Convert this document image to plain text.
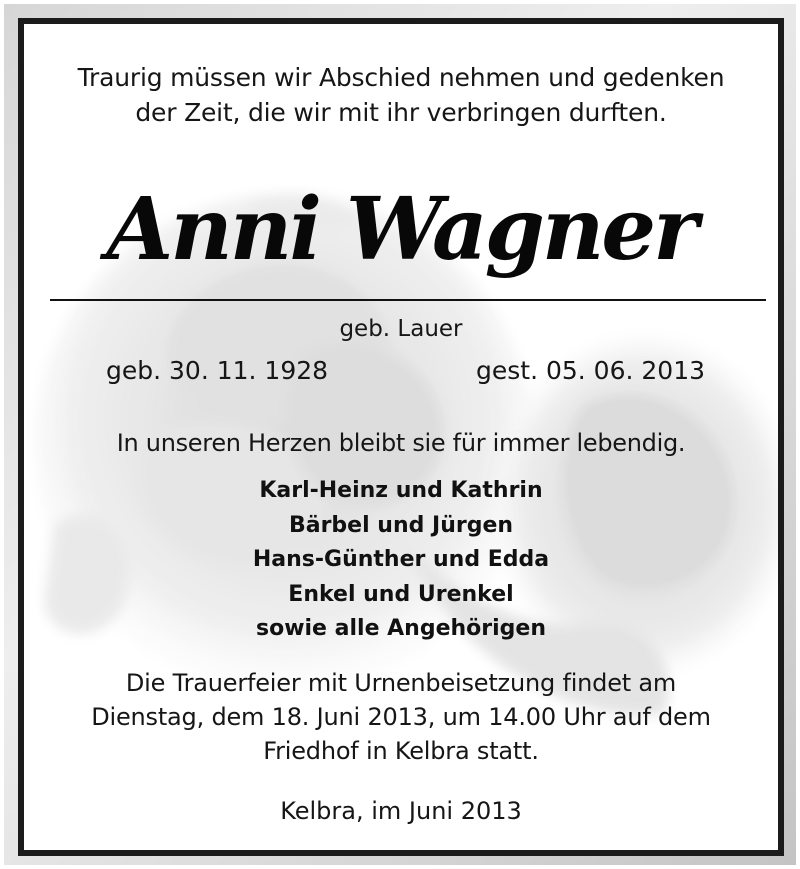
Traurig müssen wir Abschied nehmen und gedenken
der Zeit, die wir mit ihr verbringen durften.

Anni Wagner

geb. Lauer

geb. 30. 11. 1928	gest. 05. 06. 2013

In unseren Herzen bleibt sie für immer lebendig.

Karl-Heinz und Kathrin
Bärbel und Jürgen
Hans-Günther und Edda
Enkel und Urenkel
sowie alle Angehörigen

Die Trauerfeier mit Urnenbeisetzung findet am
Dienstag, dem 18. Juni 2013, um 14.00 Uhr auf dem
Friedhof in Kelbra statt.

Kelbra, im Juni 2013
